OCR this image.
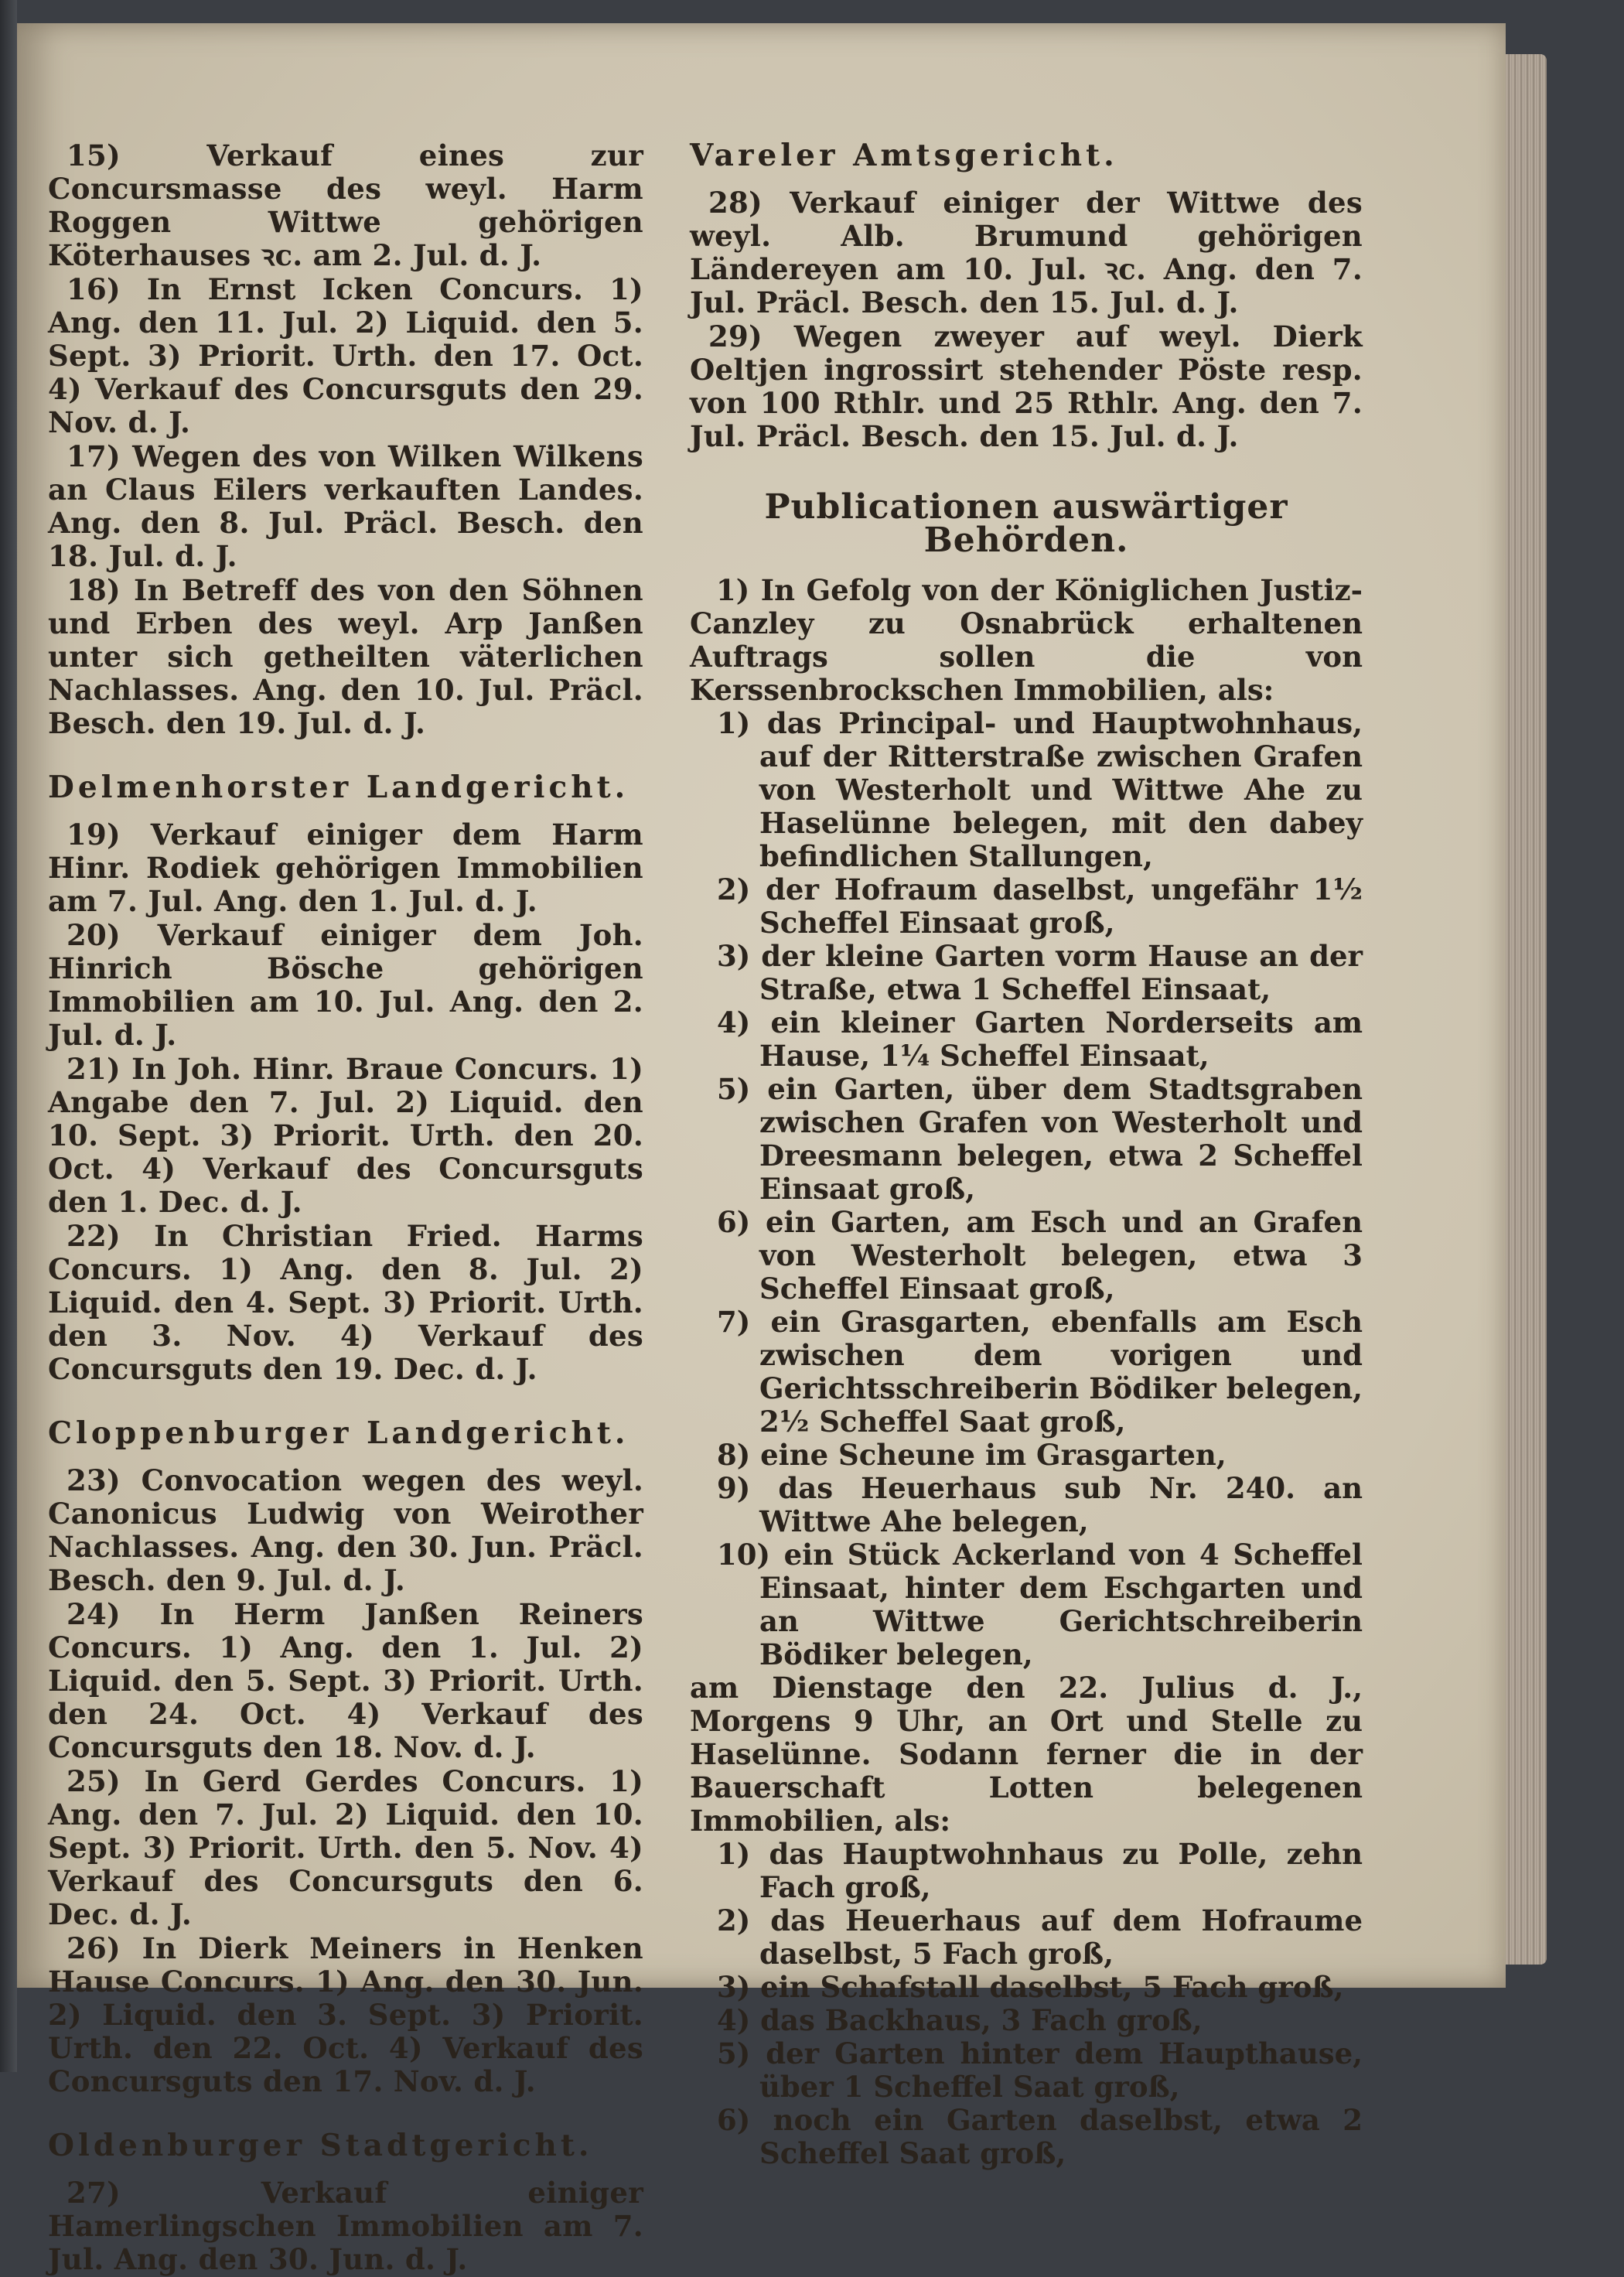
15) Verkauf eines zur Concursmasse des weyl. Harm Roggen Wittwe gehörigen Köterhauses ꝛc. am 2. Jul. d. J.

16) In Ernst Icken Concurs. 1) Ang. den 11. Jul. 2) Liquid. den 5. Sept. 3) Priorit. Urth. den 17. Oct. 4) Verkauf des Concursguts den 29. Nov. d. J.

17) Wegen des von Wilken Wilkens an Claus Eilers verkauften Landes. Ang. den 8. Jul. Präcl. Besch. den 18. Jul. d. J.

18) In Betreff des von den Söhnen und Erben des weyl. Arp Janßen unter sich getheilten väterlichen Nachlasses. Ang. den 10. Jul. Präcl. Besch. den 19. Jul. d. J.

Delmenhorster Landgericht.

19) Verkauf einiger dem Harm Hinr. Rodiek gehörigen Immobilien am 7. Jul. Ang. den 1. Jul. d. J.

20) Verkauf einiger dem Joh. Hinrich Bösche gehörigen Immobilien am 10. Jul. Ang. den 2. Jul. d. J.

21) In Joh. Hinr. Braue Concurs. 1) Angabe den 7. Jul. 2) Liquid. den 10. Sept. 3) Priorit. Urth. den 20. Oct. 4) Verkauf des Concursguts den 1. Dec. d. J.

22) In Christian Fried. Harms Concurs. 1) Ang. den 8. Jul. 2) Liquid. den 4. Sept. 3) Priorit. Urth. den 3. Nov. 4) Verkauf des Concursguts den 19. Dec. d. J.

Cloppenburger Landgericht.

23) Convocation wegen des weyl. Canonicus Ludwig von Weirother Nachlasses. Ang. den 30. Jun. Präcl. Besch. den 9. Jul. d. J.

24) In Herm Janßen Reiners Concurs. 1) Ang. den 1. Jul. 2) Liquid. den 5. Sept. 3) Priorit. Urth. den 24. Oct. 4) Verkauf des Concursguts den 18. Nov. d. J.

25) In Gerd Gerdes Concurs. 1) Ang. den 7. Jul. 2) Liquid. den 10. Sept. 3) Priorit. Urth. den 5. Nov. 4) Verkauf des Concursguts den 6. Dec. d. J.

26) In Dierk Meiners in Henken Hause Concurs. 1) Ang. den 30. Jun. 2) Liquid. den 3. Sept. 3) Priorit. Urth. den 22. Oct. 4) Verkauf des Concursguts den 17. Nov. d. J.

Oldenburger Stadtgericht.

27) Verkauf einiger Hamerlingschen Immobilien am 7. Jul. Ang. den 30. Jun. d. J.

Vareler Amtsgericht.

28) Verkauf einiger der Wittwe des weyl. Alb. Brumund gehörigen Ländereyen am 10. Jul. ꝛc. Ang. den 7. Jul. Präcl. Besch. den 15. Jul. d. J.

29) Wegen zweyer auf weyl. Dierk Oeltjen ingrossirt stehender Pöste resp. von 100 Rthlr. und 25 Rthlr. Ang. den 7. Jul. Präcl. Besch. den 15. Jul. d. J.

Publicationen auswärtiger Behörden.

1) In Gefolg von der Königlichen Justiz-Canzley zu Osnabrück erhaltenen Auftrags sollen die von Kerssenbrockschen Immobilien, als:

1) das Principal- und Hauptwohnhaus, auf der Ritterstraße zwischen Grafen von Westerholt und Wittwe Ahe zu Haselünne belegen, mit den dabey befindlichen Stallungen,

2) der Hofraum daselbst, ungefähr 1½ Scheffel Einsaat groß,

3) der kleine Garten vorm Hause an der Straße, etwa 1 Scheffel Einsaat,

4) ein kleiner Garten Norderseits am Hause, 1¼ Scheffel Einsaat,

5) ein Garten, über dem Stadtsgraben zwischen Grafen von Westerholt und Dreesmann belegen, etwa 2 Scheffel Einsaat groß,

6) ein Garten, am Esch und an Grafen von Westerholt belegen, etwa 3 Scheffel Einsaat groß,

7) ein Grasgarten, ebenfalls am Esch zwischen dem vorigen und Gerichtsschreiberin Bödiker belegen, 2½ Scheffel Saat groß,

8) eine Scheune im Grasgarten,

9) das Heuerhaus sub Nr. 240. an Wittwe Ahe belegen,

10) ein Stück Ackerland von 4 Scheffel Einsaat, hinter dem Eschgarten und an Wittwe Gerichtschreiberin Bödiker belegen,

am Dienstage den 22. Julius d. J., Morgens 9 Uhr, an Ort und Stelle zu Haselünne. Sodann ferner die in der Bauerschaft Lotten belegenen Immobilien, als:

1) das Hauptwohnhaus zu Polle, zehn Fach groß,

2) das Heuerhaus auf dem Hofraume daselbst, 5 Fach groß,

3) ein Schafstall daselbst, 5 Fach groß,

4) das Backhaus, 3 Fach groß,

5) der Garten hinter dem Haupthause, über 1 Scheffel Saat groß,

6) noch ein Garten daselbst, etwa 2 Scheffel Saat groß,
